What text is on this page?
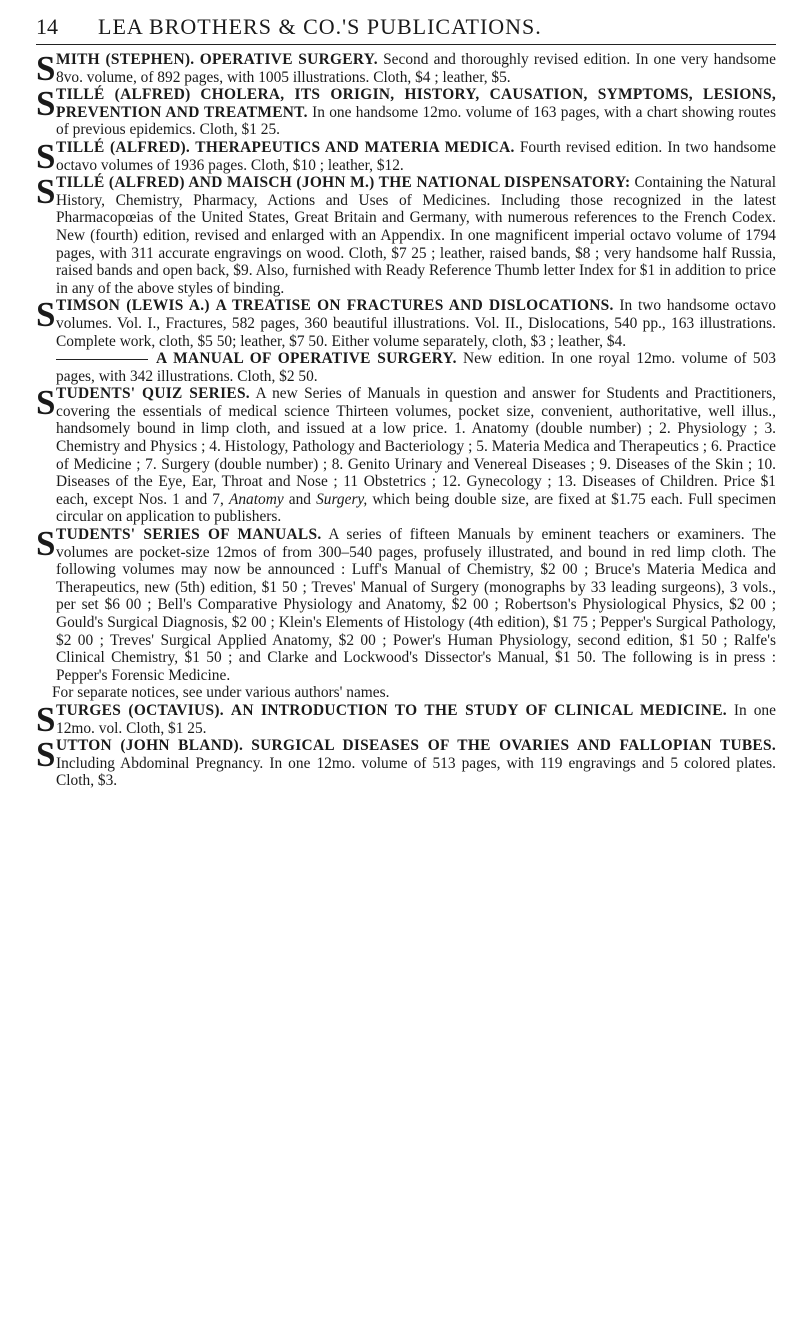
14	LEA BROTHERS & CO.'S PUBLICATIONS.

S MITH (STEPHEN). OPERATIVE SURGERY. Second and thoroughly revised edition. In one very handsome 8vo. volume, of 892 pages, with 1005 illustrations. Cloth, $4 ; leather, $5.

S TILLÉ (ALFRED) CHOLERA, ITS ORIGIN, HISTORY, CAUSATION, SYMPTOMS, LESIONS, PREVENTION AND TREATMENT. In one handsome 12mo. volume of 163 pages, with a chart showing routes of previous epidemics. Cloth, $1 25.

S TILLÉ (ALFRED). THERAPEUTICS AND MATERIA MEDICA. Fourth revised edition. In two handsome octavo volumes of 1936 pages. Cloth, $10 ; leather, $12.

S TILLÉ (ALFRED) AND MAISCH (JOHN M.) THE NATIONAL DISPENSATORY: Containing the Natural History, Chemistry, Pharmacy, Actions and Uses of Medicines. Including those recognized in the latest Pharmacopœias of the United States, Great Britain and Germany, with numerous references to the French Codex. New (fourth) edition, revised and enlarged with an Appendix. In one magnificent imperial octavo volume of 1794 pages, with 311 accurate engravings on wood. Cloth, $7 25 ; leather, raised bands, $8 ; very handsome half Russia, raised bands and open back, $9. Also, furnished with Ready Reference Thumb letter Index for $1 in addition to price in any of the above styles of binding.

S TIMSON (LEWIS A.) A TREATISE ON FRACTURES AND DISLOCATIONS. In two handsome octavo volumes. Vol. I., Fractures, 582 pages, 360 beautiful illustrations. Vol. II., Dislocations, 540 pp., 163 illustrations. Complete work, cloth, $5 50; leather, $7 50. Either volume separately, cloth, $3 ; leather, $4.

A MANUAL OF OPERATIVE SURGERY. New edition. In one royal 12mo. volume of 503 pages, with 342 illustrations. Cloth, $2 50.

S TUDENTS' QUIZ SERIES. A new Series of Manuals in question and answer for Students and Practitioners, covering the essentials of medical science Thirteen volumes, pocket size, convenient, authoritative, well illus., handsomely bound in limp cloth, and issued at a low price. 1. Anatomy (double number) ; 2. Physiology ; 3. Chemistry and Physics ; 4. Histology, Pathology and Bacteriology ; 5. Materia Medica and Therapeutics ; 6. Practice of Medicine ; 7. Surgery (double number) ; 8. Genito Urinary and Venereal Diseases ; 9. Diseases of the Skin ; 10. Diseases of the Eye, Ear, Throat and Nose ; 11 Obstetrics ; 12. Gynecology ; 13. Diseases of Children. Price $1 each, except Nos. 1 and 7, Anatomy and Surgery, which being double size, are fixed at $1.75 each. Full specimen circular on application to publishers.

S TUDENTS' SERIES OF MANUALS. A series of fifteen Manuals by eminent teachers or examiners. The volumes are pocket-size 12mos of from 300–540 pages, profusely illustrated, and bound in red limp cloth. The following volumes may now be announced : Luff's Manual of Chemistry, $2 00 ; Bruce's Materia Medica and Therapeutics, new (5th) edition, $1 50 ; Treves' Manual of Surgery (monographs by 33 leading surgeons), 3 vols., per set $6 00 ; Bell's Comparative Physiology and Anatomy, $2 00 ; Robertson's Physiological Physics, $2 00 ; Gould's Surgical Diagnosis, $2 00 ; Klein's Elements of Histology (4th edition), $1 75 ; Pepper's Surgical Pathology, $2 00 ; Treves' Surgical Applied Anatomy, $2 00 ; Power's Human Physiology, second edition, $1 50 ; Ralfe's Clinical Chemistry, $1 50 ; and Clarke and Lockwood's Dissector's Manual, $1 50. The following is in press : Pepper's Forensic Medicine.

For separate notices, see under various authors' names.

S TURGES (OCTAVIUS). AN INTRODUCTION TO THE STUDY OF CLINICAL MEDICINE. In one 12mo. vol. Cloth, $1 25.

S UTTON (JOHN BLAND). SURGICAL DISEASES OF THE OVARIES AND FALLOPIAN TUBES. Including Abdominal Pregnancy. In one 12mo. volume of 513 pages, with 119 engravings and 5 colored plates. Cloth, $3.
